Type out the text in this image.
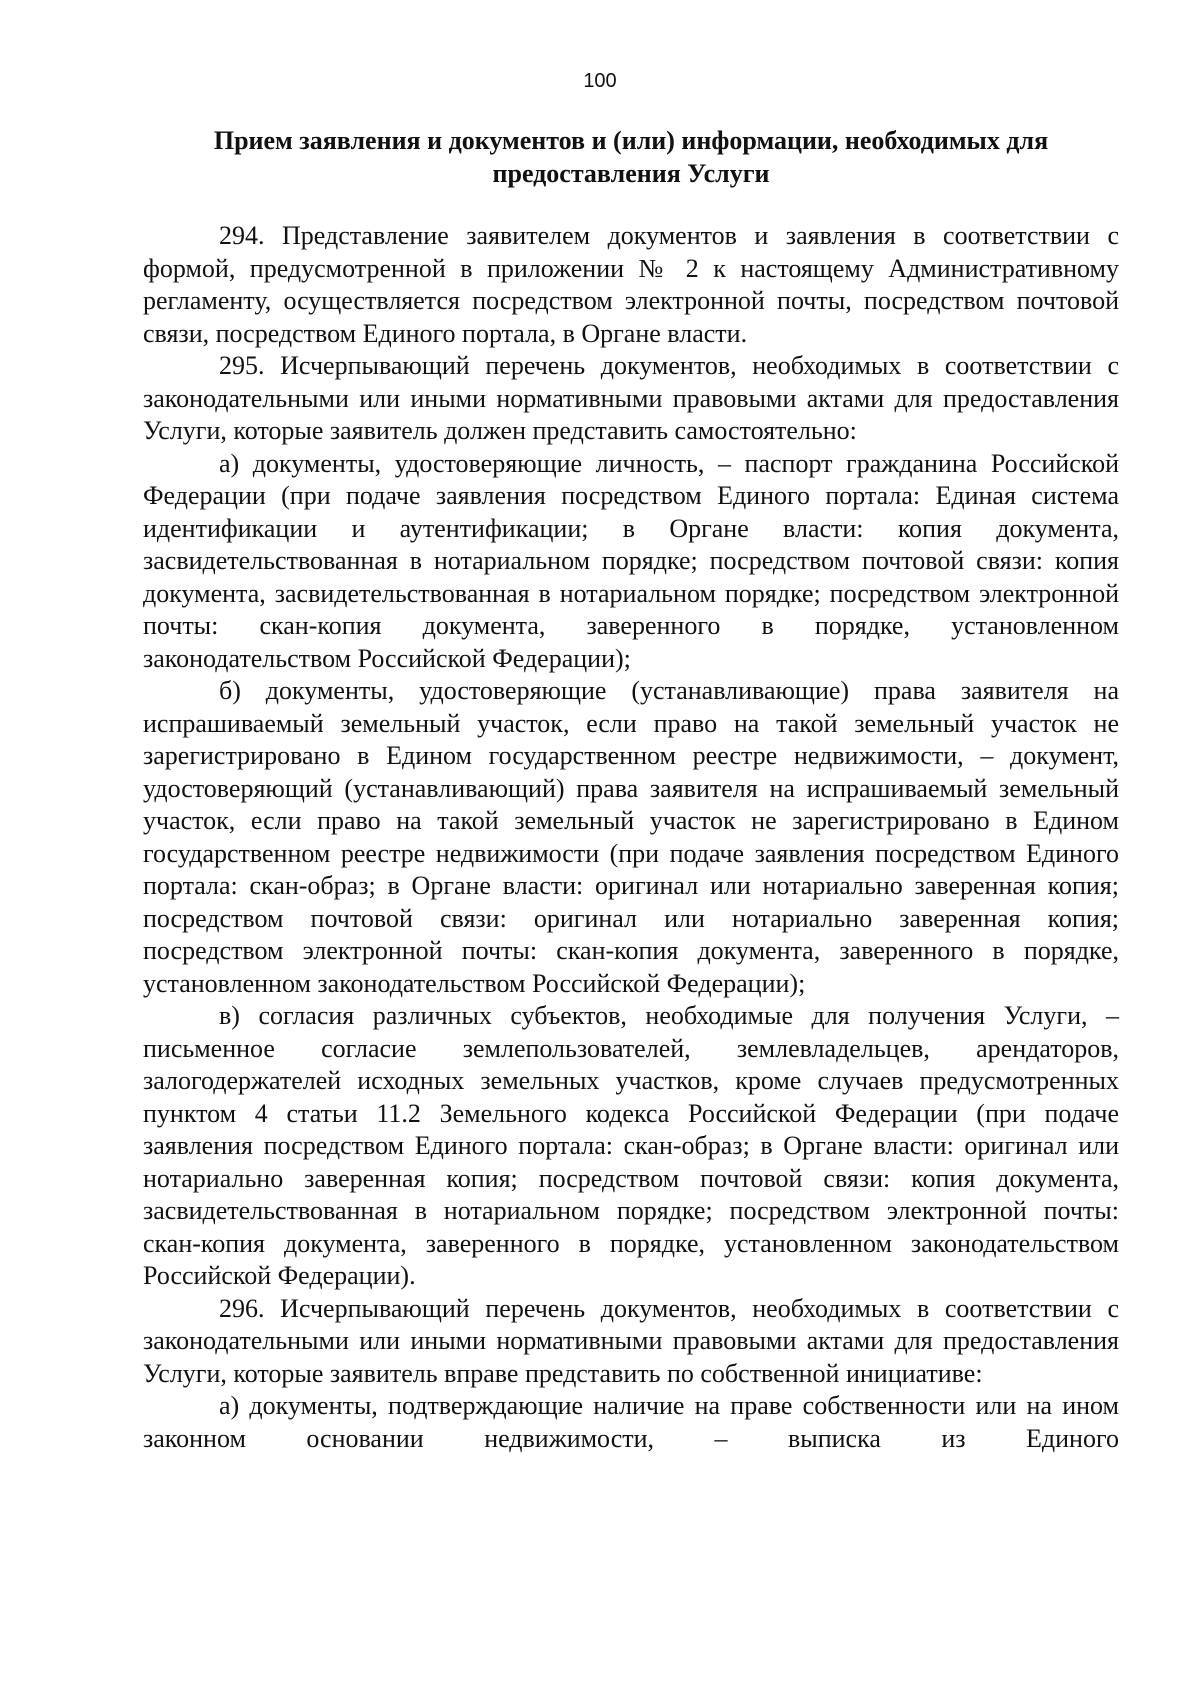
100
Прием заявления и документов и (или) информации, необходимых для
предоставления Услуги

294. Представление заявителем документов и заявления в соответствии с формой, предусмотренной в приложении № 2 к настоящему Административному регламенту, осуществляется посредством электронной почты, посредством почтовой связи, посредством Единого портала, в Органе власти.

295. Исчерпывающий перечень документов, необходимых в соответствии с законодательными или иными нормативными правовыми актами для предоставления Услуги, которые заявитель должен представить самостоятельно:

а) документы, удостоверяющие личность, – паспорт гражданина Российской Федерации (при подаче заявления посредством Единого портала: Единая система идентификации и аутентификации; в Органе власти: копия документа, засвидетельствованная в нотариальном порядке; посредством почтовой связи: копия документа, засвидетельствованная в нотариальном порядке; посредством электронной почты: скан-копия документа, заверенного в порядке, установленном законодательством Российской Федерации);

б) документы, удостоверяющие (устанавливающие) права заявителя на испрашиваемый земельный участок, если право на такой земельный участок не зарегистрировано в Едином государственном реестре недвижимости, – документ, удостоверяющий (устанавливающий) права заявителя на испрашиваемый земельный участок, если право на такой земельный участок не зарегистрировано в Едином государственном реестре недвижимости (при подаче заявления посредством Единого портала: скан-образ; в Органе власти: оригинал или нотариально заверенная копия; посредством почтовой связи: оригинал или нотариально заверенная копия; посредством электронной почты: скан-копия документа, заверенного в порядке, установленном законодательством Российской Федерации);

в) согласия различных субъектов, необходимые для получения Услуги, – письменное согласие землепользователей, землевладельцев, арендаторов, залогодержателей исходных земельных участков, кроме случаев предусмотренных пунктом 4 статьи 11.2 Земельного кодекса Российской Федерации (при подаче заявления посредством Единого портала: скан-образ; в Органе власти: оригинал или нотариально заверенная копия; посредством почтовой связи: копия документа, засвидетельствованная в нотариальном порядке; посредством электронной почты: скан-копия документа, заверенного в порядке, установленном законодательством Российской Федерации).

296. Исчерпывающий перечень документов, необходимых в соответствии с законодательными или иными нормативными правовыми актами для предоставления Услуги, которые заявитель вправе представить по собственной инициативе:

а) документы, подтверждающие наличие на праве собственности или на ином законном основании недвижимости, – выписка из Единого
